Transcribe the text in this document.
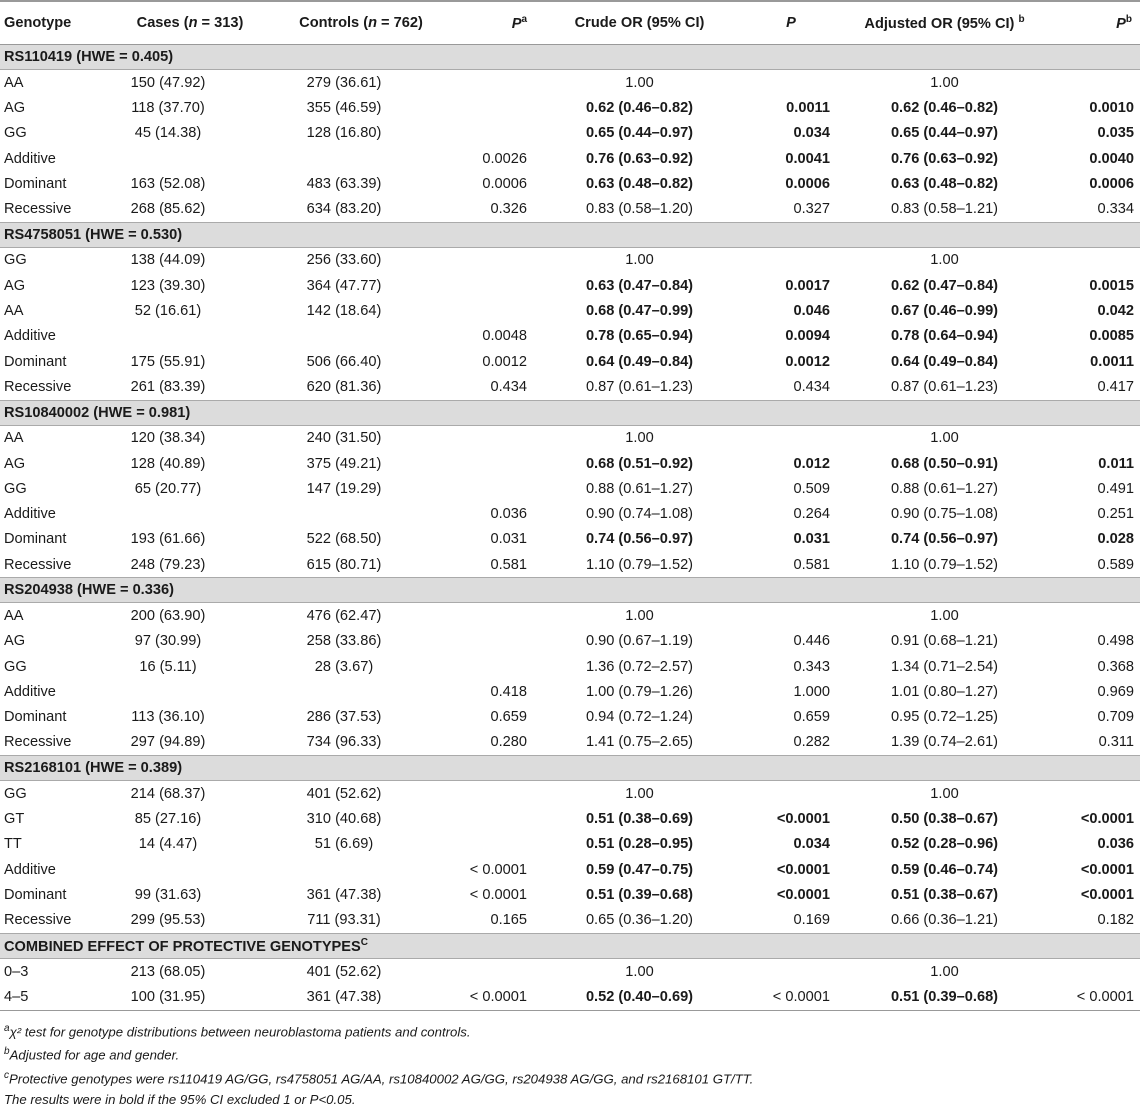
Genotype	Cases (n = 313)	Controls (n = 762)	$P^a$	Crude OR (95% CI)	P	Adjusted OR (95% CI) $^b$	$P^b$
RS110419 (HWE = 0.405)							
AA	150 (47.92)	279 (36.61)		1.00		1.00	
AG	118 (37.70)	355 (46.59)		0.62 (0.46–0.82)	0.0011	0.62 (0.46–0.82)	0.0010
GG	45 (14.38)	128 (16.80)		0.65 (0.44–0.97)	0.034	0.65 (0.44–0.97)	0.035
Additive			0.0026	0.76 (0.63–0.92)	0.0041	0.76 (0.63–0.92)	0.0040
Dominant	163 (52.08)	483 (63.39)	0.0006	0.63 (0.48–0.82)	0.0006	0.63 (0.48–0.82)	0.0006
Recessive	268 (85.62)	634 (83.20)	0.326	0.83 (0.58–1.20)	0.327	0.83 (0.58–1.21)	0.334
RS4758051 (HWE = 0.530)							
GG	138 (44.09)	256 (33.60)		1.00		1.00	
AG	123 (39.30)	364 (47.77)		0.63 (0.47–0.84)	0.0017	0.62 (0.47–0.84)	0.0015
AA	52 (16.61)	142 (18.64)		0.68 (0.47–0.99)	0.046	0.67 (0.46–0.99)	0.042
Additive			0.0048	0.78 (0.65–0.94)	0.0094	0.78 (0.64–0.94)	0.0085
Dominant	175 (55.91)	506 (66.40)	0.0012	0.64 (0.49–0.84)	0.0012	0.64 (0.49–0.84)	0.0011
Recessive	261 (83.39)	620 (81.36)	0.434	0.87 (0.61–1.23)	0.434	0.87 (0.61–1.23)	0.417
RS10840002 (HWE = 0.981)							
AA	120 (38.34)	240 (31.50)		1.00		1.00	
AG	128 (40.89)	375 (49.21)		0.68 (0.51–0.92)	0.012	0.68 (0.50–0.91)	0.011
GG	65 (20.77)	147 (19.29)		0.88 (0.61–1.27)	0.509	0.88 (0.61–1.27)	0.491
Additive			0.036	0.90 (0.74–1.08)	0.264	0.90 (0.75–1.08)	0.251
Dominant	193 (61.66)	522 (68.50)	0.031	0.74 (0.56–0.97)	0.031	0.74 (0.56–0.97)	0.028
Recessive	248 (79.23)	615 (80.71)	0.581	1.10 (0.79–1.52)	0.581	1.10 (0.79–1.52)	0.589
RS204938 (HWE = 0.336)							
AA	200 (63.90)	476 (62.47)		1.00		1.00	
AG	97 (30.99)	258 (33.86)		0.90 (0.67–1.19)	0.446	0.91 (0.68–1.21)	0.498
GG	16 (5.11)	28 (3.67)		1.36 (0.72–2.57)	0.343	1.34 (0.71–2.54)	0.368
Additive			0.418	1.00 (0.79–1.26)	1.000	1.01 (0.80–1.27)	0.969
Dominant	113 (36.10)	286 (37.53)	0.659	0.94 (0.72–1.24)	0.659	0.95 (0.72–1.25)	0.709
Recessive	297 (94.89)	734 (96.33)	0.280	1.41 (0.75–2.65)	0.282	1.39 (0.74–2.61)	0.311
RS2168101 (HWE = 0.389)							
GG	214 (68.37)	401 (52.62)		1.00		1.00	
GT	85 (27.16)	310 (40.68)		0.51 (0.38–0.69)	<0.0001	0.50 (0.38–0.67)	<0.0001
TT	14 (4.47)	51 (6.69)		0.51 (0.28–0.95)	0.034	0.52 (0.28–0.96)	0.036
Additive			< 0.0001	0.59 (0.47–0.75)	<0.0001	0.59 (0.46–0.74)	<0.0001
Dominant	99 (31.63)	361 (47.38)	< 0.0001	0.51 (0.39–0.68)	<0.0001	0.51 (0.38–0.67)	<0.0001
Recessive	299 (95.53)	711 (93.31)	0.165	0.65 (0.36–1.20)	0.169	0.66 (0.36–1.21)	0.182
COMBINED EFFECT OF PROTECTIVE $GENOTYPES^C$
0–3	213 (68.05)	401 (52.62)		1.00		1.00	
4–5	100 (31.95)	361 (47.38)	< 0.0001	0.52 (0.40–0.69)	< 0.0001	0.51 (0.39–0.68)	< 0.0001
$^a$χ² test for genotype distributions between neuroblastoma patients and controls.
$^b$Adjusted for age and gender.
$^c$Protective genotypes were rs110419 AG/GG, rs4758051 AG/AA, rs10840002 AG/GG, rs204938 AG/GG, and rs2168101 GT/TT.
The results were in bold if the 95% CI excluded 1 or P<0.05.
